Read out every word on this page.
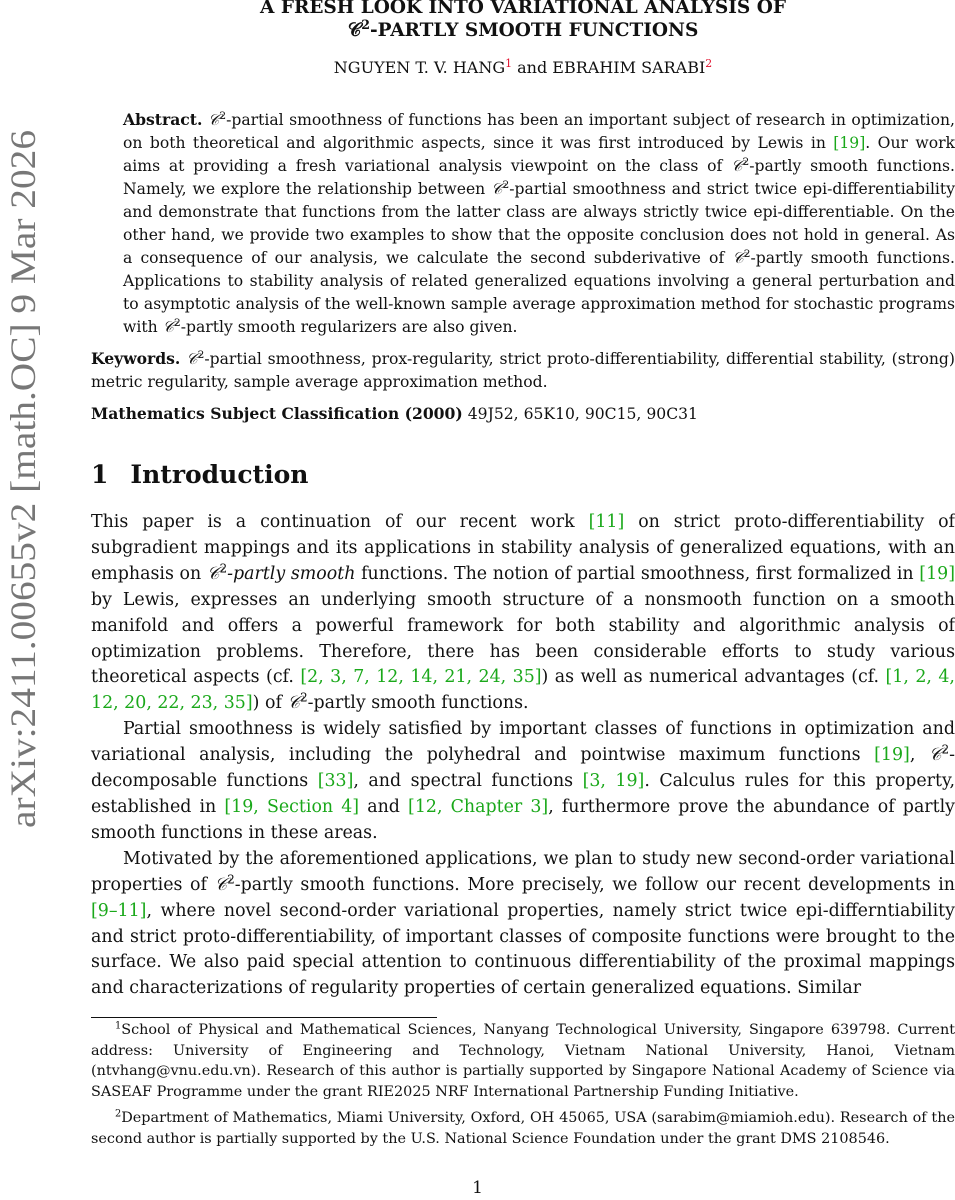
arXiv:2411.00655v2 [math.OC] 9 Mar 2026
A FRESH LOOK INTO VARIATIONAL ANALYSIS OF
𝒞$^2$-PARTLY SMOOTH FUNCTIONS
NGUYEN T. V. HANG$^1$ and EBRAHIM SARABI$^2$
Abstract. 𝒞$^2$-partial smoothness of functions has been an important subject of research in optimization, on both theoretical and algorithmic aspects, since it was first introduced by Lewis in [19]. Our work aims at providing a fresh variational analysis viewpoint on the class of 𝒞$^2$-partly smooth functions. Namely, we explore the relationship between 𝒞$^2$-partial smoothness and strict twice epi-differentiability and demonstrate that functions from the latter class are always strictly twice epi-differentiable. On the other hand, we provide two examples to show that the opposite conclusion does not hold in general. As a consequence of our analysis, we calculate the second subderivative of 𝒞$^2$-partly smooth functions. Applications to stability analysis of related generalized equations involving a general perturbation and to asymptotic analysis of the well-known sample average approximation method for stochastic programs with 𝒞$^2$-partly smooth regularizers are also given.
Keywords. 𝒞$^2$-partial smoothness, prox-regularity, strict proto-differentiability, differential stability, (strong) metric regularity, sample average approximation method.
Mathematics Subject Classification (2000) 49J52, 65K10, 90C15, 90C31
1 Introduction

This paper is a continuation of our recent work [11] on strict proto-differentiability of subgradient mappings and its applications in stability analysis of generalized equations, with an emphasis on 𝒞$^2$-partly smooth functions. The notion of partial smoothness, first formalized in [19] by Lewis, expresses an underlying smooth structure of a nonsmooth function on a smooth manifold and offers a powerful framework for both stability and algorithmic analysis of optimization problems. Therefore, there has been considerable efforts to study various theoretical aspects (cf. [2, 3, 7, 12, 14, 21, 24, 35]) as well as numerical advantages (cf. [1, 2, 4, 12, 20, 22, 23, 35]) of 𝒞$^2$-partly smooth functions.

Partial smoothness is widely satisfied by important classes of functions in optimization and variational analysis, including the polyhedral and pointwise maximum functions [19], 𝒞$^2$-decomposable functions [33], and spectral functions [3, 19]. Calculus rules for this property, established in [19, Section 4] and [12, Chapter 3], furthermore prove the abundance of partly smooth functions in these areas.

Motivated by the aforementioned applications, we plan to study new second-order variational properties of 𝒞$^2$-partly smooth functions. More precisely, we follow our recent developments in [9–11], where novel second-order variational properties, namely strict twice epi-differntiability and strict proto-differentiability, of important classes of composite functions were brought to the surface. We also paid special attention to continuous differentiability of the proximal mappings and characterizations of regularity properties of certain generalized equations. Similar

$^1$School of Physical and Mathematical Sciences, Nanyang Technological University, Singapore 639798. Current address: University of Engineering and Technology, Vietnam National University, Hanoi, Vietnam (ntvhang@vnu.edu.vn). Research of this author is partially supported by Singapore National Academy of Science via SASEAF Programme under the grant RIE2025 NRF International Partnership Funding Initiative.

$^2$Department of Mathematics, Miami University, Oxford, OH 45065, USA (sarabim@miamioh.edu). Research of the second author is partially supported by the U.S. National Science Foundation under the grant DMS 2108546.

1
